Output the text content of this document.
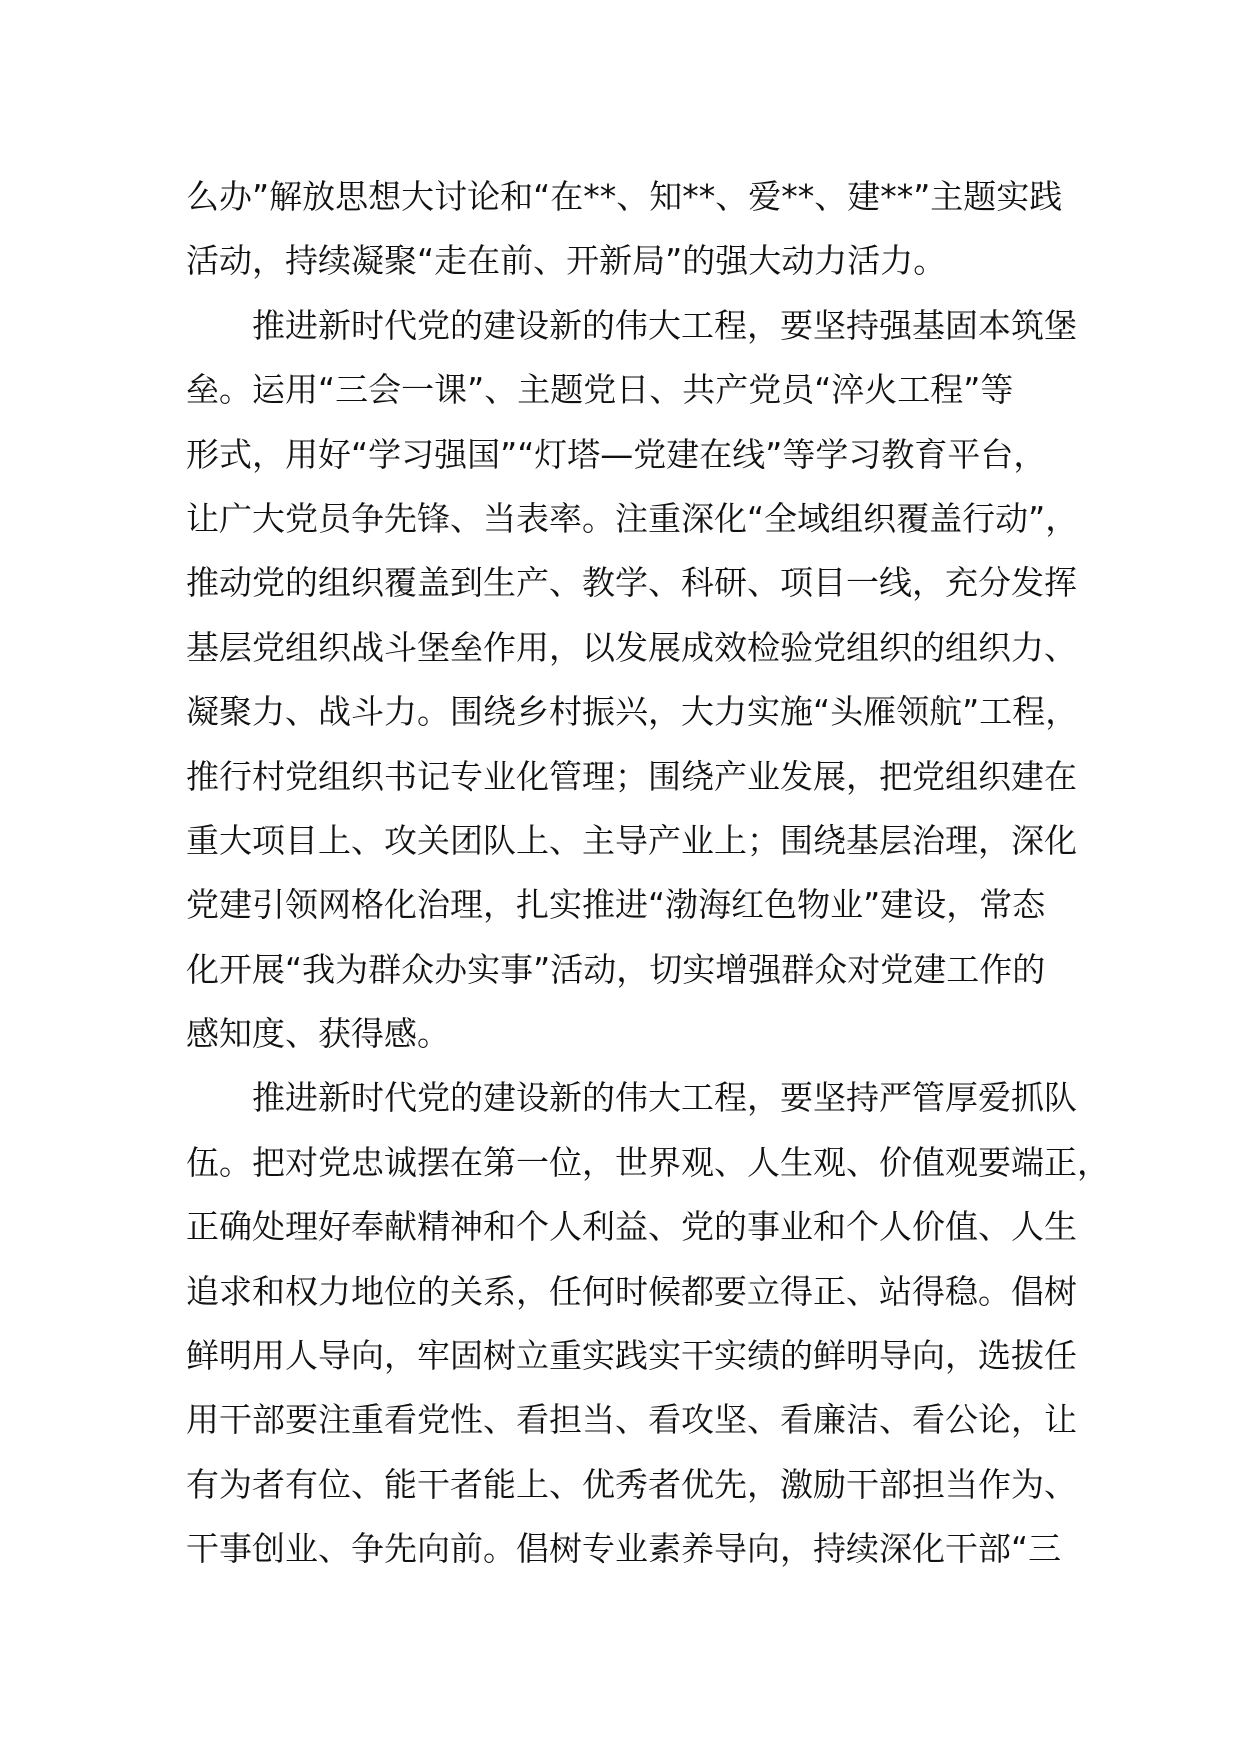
么办”解放思想大讨论和“在**、知**、爱**、建**”主题实践
活动，持续凝聚“走在前、开新局”的强大动力活力。
推进新时代党的建设新的伟大工程，要坚持强基固本筑堡
垒。运用“三会一课”、主题党日、共产党员“淬火工程”等
形式，用好“学习强国”“灯塔—党建在线”等学习教育平台，
让广大党员争先锋、当表率。注重深化“全域组织覆盖行动”，
推动党的组织覆盖到生产、教学、科研、项目一线，充分发挥
基层党组织战斗堡垒作用，以发展成效检验党组织的组织力、
凝聚力、战斗力。围绕乡村振兴，大力实施“头雁领航”工程，
推行村党组织书记专业化管理；围绕产业发展，把党组织建在
重大项目上、攻关团队上、主导产业上；围绕基层治理，深化
党建引领网格化治理，扎实推进“渤海红色物业”建设，常态
化开展“我为群众办实事”活动，切实增强群众对党建工作的
感知度、获得感。
推进新时代党的建设新的伟大工程，要坚持严管厚爱抓队
伍。把对党忠诚摆在第一位，世界观、人生观、价值观要端正，
正确处理好奉献精神和个人利益、党的事业和个人价值、人生
追求和权力地位的关系，任何时候都要立得正、站得稳。倡树
鲜明用人导向，牢固树立重实践实干实绩的鲜明导向，选拔任
用干部要注重看党性、看担当、看攻坚、看廉洁、看公论，让
有为者有位、能干者能上、优秀者优先，激励干部担当作为、
干事创业、争先向前。倡树专业素养导向，持续深化干部“三
